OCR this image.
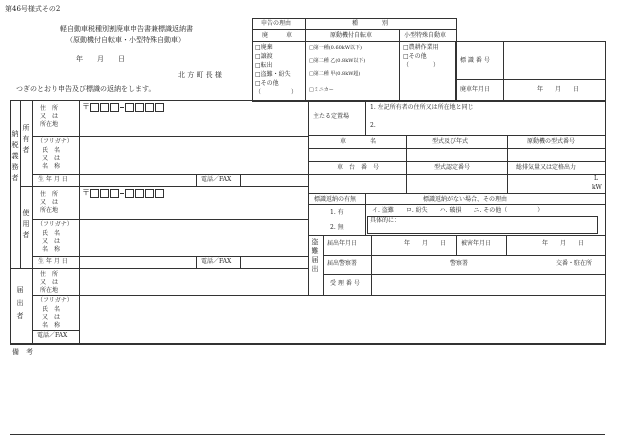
第46号様式その2
軽自動車税種別割廃車申告書兼標識返納書
（原動機付自転車・小型特殊自動車）
年　　月　　日
北 方 町 長 様
つぎのとおり申告及び標識の返納をします。
申告の理由	種　　　　別
廃　　　車	原動機付自転車	小型特殊自動車
□廃棄
□譲渡
□転出
□盗難・紛失
□その他
（　　　　　）
□第一種(0.60kW以下)
□第二種 乙(0.8kW以下)
□第二種 甲(0.8kW超)
□ミニカー
□農耕作業用
□その他
（　　　　）
標 識 番 号
廃車年月日	年　　月　　日
納税義務者
所有者
使用者
届出者
住　所
又　は
所在地
〒
（フリガナ）
氏　名
又　は
名　称
生 年 月 日	電話／FAX
住　所
又　は
所在地
〒
（フリガナ）
氏　名
又　は
名　称
生 年 月 日	電話／FAX
住　所
又　は
所在地
（フリガナ）
氏　名
又　は
名　称
電話／FAX
主たる定置場
1. 左記所有者の住所又は所在地と同じ
2.
車　　　　名	型式及び年式	原動機の型式番号
車　台　番　号	型式認定番号	総排気量又は定格出力
L
kW
標識返納の有無	標識返納がない場合、その理由
1. 有
2. 無
イ. 盗難　　ロ. 紛失　　ハ. 破損　　ニ. その他（　　　　　）
具体的に：
盗難届出
届出年月日	年　　月　　日 被害年月日	年　　月　　日
届出警察署	警察署	交番・駐在所
受 理 番 号
備　考
